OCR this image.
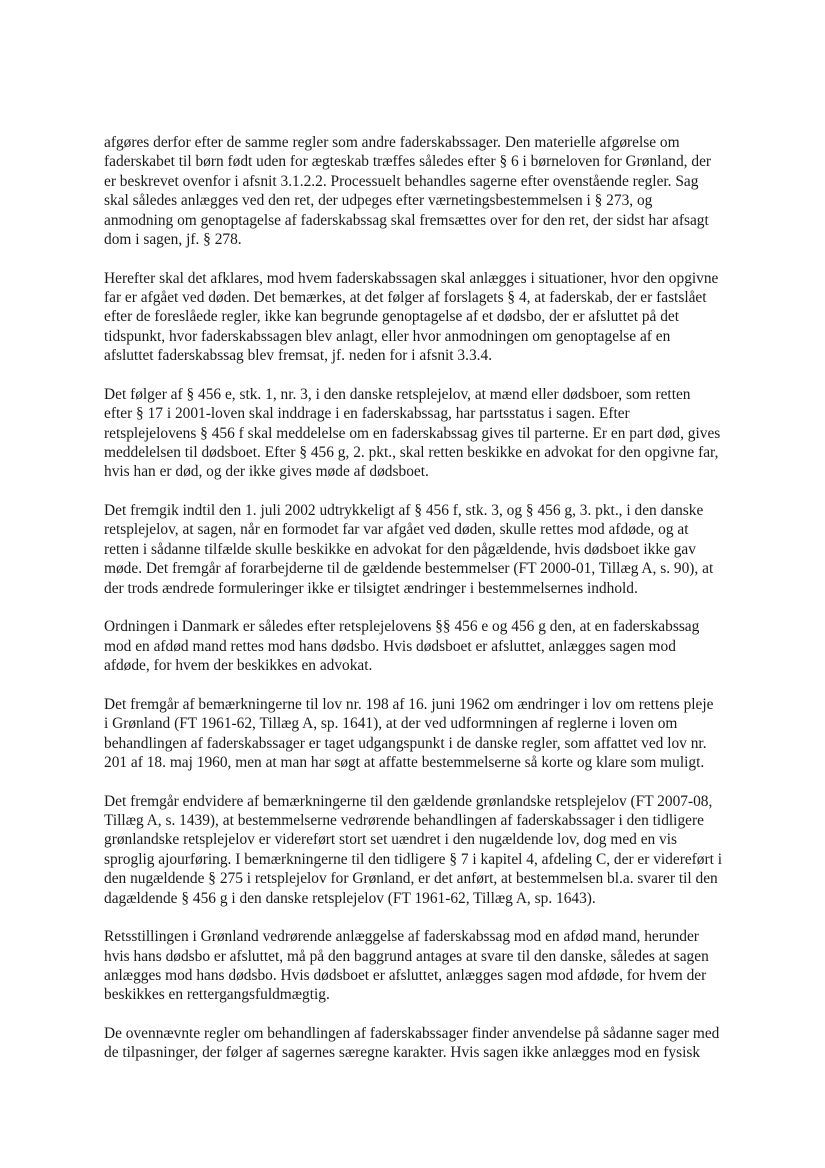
afgøres derfor efter de samme regler som andre faderskabssager. Den materielle afgørelse om
faderskabet til børn født uden for ægteskab træffes således efter § 6 i børneloven for Grønland, der
er beskrevet ovenfor i afsnit 3.1.2.2. Processuelt behandles sagerne efter ovenstående regler. Sag
skal således anlægges ved den ret, der udpeges efter værnetingsbestemmelsen i § 273, og
anmodning om genoptagelse af faderskabssag skal fremsættes over for den ret, der sidst har afsagt
dom i sagen, jf. § 278.
Herefter skal det afklares, mod hvem faderskabssagen skal anlægges i situationer, hvor den opgivne
far er afgået ved døden. Det bemærkes, at det følger af forslagets § 4, at faderskab, der er fastslået
efter de foreslåede regler, ikke kan begrunde genoptagelse af et dødsbo, der er afsluttet på det
tidspunkt, hvor faderskabssagen blev anlagt, eller hvor anmodningen om genoptagelse af en
afsluttet faderskabssag blev fremsat, jf. neden for i afsnit 3.3.4.
Det følger af § 456 e, stk. 1, nr. 3, i den danske retsplejelov, at mænd eller dødsboer, som retten
efter § 17 i 2001-loven skal inddrage i en faderskabssag, har partsstatus i sagen. Efter
retsplejelovens § 456 f skal meddelelse om en faderskabssag gives til parterne. Er en part død, gives
meddelelsen til dødsboet. Efter § 456 g, 2. pkt., skal retten beskikke en advokat for den opgivne far,
hvis han er død, og der ikke gives møde af dødsboet.
Det fremgik indtil den 1. juli 2002 udtrykkeligt af § 456 f, stk. 3, og § 456 g, 3. pkt., i den danske
retsplejelov, at sagen, når en formodet far var afgået ved døden, skulle rettes mod afdøde, og at
retten i sådanne tilfælde skulle beskikke en advokat for den pågældende, hvis dødsboet ikke gav
møde. Det fremgår af forarbejderne til de gældende bestemmelser (FT 2000-01, Tillæg A, s. 90), at
der trods ændrede formuleringer ikke er tilsigtet ændringer i bestemmelsernes indhold.
Ordningen i Danmark er således efter retsplejelovens §§ 456 e og 456 g den, at en faderskabssag
mod en afdød mand rettes mod hans dødsbo. Hvis dødsboet er afsluttet, anlægges sagen mod
afdøde, for hvem der beskikkes en advokat.
Det fremgår af bemærkningerne til lov nr. 198 af 16. juni 1962 om ændringer i lov om rettens pleje
i Grønland (FT 1961-62, Tillæg A, sp. 1641), at der ved udformningen af reglerne i loven om
behandlingen af faderskabssager er taget udgangspunkt i de danske regler, som affattet ved lov nr.
201 af 18. maj 1960, men at man har søgt at affatte bestemmelserne så korte og klare som muligt.
Det fremgår endvidere af bemærkningerne til den gældende grønlandske retsplejelov (FT 2007-08,
Tillæg A, s. 1439), at bestemmelserne vedrørende behandlingen af faderskabssager i den tidligere
grønlandske retsplejelov er videreført stort set uændret i den nugældende lov, dog med en vis
sproglig ajourføring. I bemærkningerne til den tidligere § 7 i kapitel 4, afdeling C, der er videreført i
den nugældende § 275 i retsplejelov for Grønland, er det anført, at bestemmelsen bl.a. svarer til den
dagældende § 456 g i den danske retsplejelov (FT 1961-62, Tillæg A, sp. 1643).
Retsstillingen i Grønland vedrørende anlæggelse af faderskabssag mod en afdød mand, herunder
hvis hans dødsbo er afsluttet, må på den baggrund antages at svare til den danske, således at sagen
anlægges mod hans dødsbo. Hvis dødsboet er afsluttet, anlægges sagen mod afdøde, for hvem der
beskikkes en rettergangsfuldmægtig.
De ovennævnte regler om behandlingen af faderskabssager finder anvendelse på sådanne sager med
de tilpasninger, der følger af sagernes særegne karakter. Hvis sagen ikke anlægges mod en fysisk
